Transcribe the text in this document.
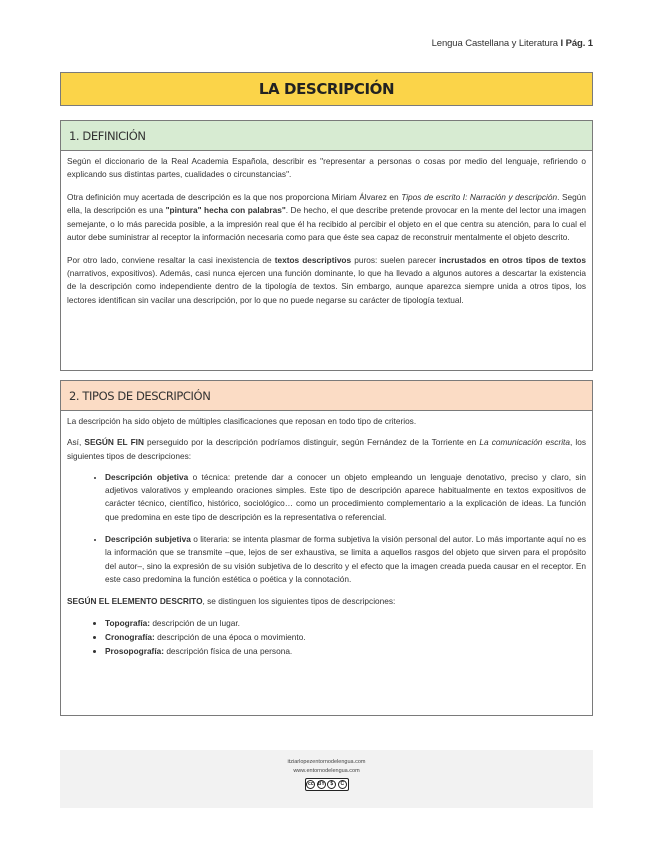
Lengua Castellana y Literatura I Pág. 1
LA DESCRIPCIÓN
1. DEFINICIÓN

Según el diccionario de la Real Academia Española, describir es "representar a personas o cosas por medio del lenguaje, refiriendo o explicando sus distintas partes, cualidades o circunstancias".

Otra definición muy acertada de descripción es la que nos proporciona Miriam Álvarez en Tipos de escrito I: Narración y descripción. Según ella, la descripción es una "pintura" hecha con palabras". De hecho, el que describe pretende provocar en la mente del lector una imagen semejante, o lo más parecida posible, a la impresión real que él ha recibido al percibir el objeto en el que centra su atención, para lo cual el autor debe suministrar al receptor la información necesaria como para que éste sea capaz de reconstruir mentalmente el objeto descrito.

Por otro lado, conviene resaltar la casi inexistencia de textos descriptivos puros: suelen parecer incrustados en otros tipos de textos (narrativos, expositivos). Además, casi nunca ejercen una función dominante, lo que ha llevado a algunos autores a descartar la existencia de la descripción como independiente dentro de la tipología de textos. Sin embargo, aunque aparezca siempre unida a otros tipos, los lectores identifican sin vacilar una descripción, por lo que no puede negarse su carácter de tipología textual.

2. TIPOS DE DESCRIPCIÓN

La descripción ha sido objeto de múltiples clasificaciones que reposan en todo tipo de criterios.

Así, SEGÚN EL FIN perseguido por la descripción podríamos distinguir, según Fernández de la Torriente en La comunicación escrita, los siguientes tipos de descripciones:

• Descripción objetiva o técnica: pretende dar a conocer un objeto empleando un lenguaje denotativo, preciso y claro, sin adjetivos valorativos y empleando oraciones simples. Este tipo de descripción aparece habitualmente en textos expositivos de carácter técnico, científico, histórico, sociológico… como un procedimiento complementario a la explicación de ideas. La función que predomina en este tipo de descripción es la representativa o referencial.
• Descripción subjetiva o literaria: se intenta plasmar de forma subjetiva la visión personal del autor. Lo más importante aquí no es la información que se transmite –que, lejos de ser exhaustiva, se limita a aquellos rasgos del objeto que sirven para el propósito del autor–, sino la expresión de su visión subjetiva de lo descrito y el efecto que la imagen creada pueda causar en el receptor. En este caso predomina la función estética o poética y la connotación.

SEGÚN EL ELEMENTO DESCRITO, se distinguen los siguientes tipos de descripciones:

• Topografía: descripción de un lugar.
• Cronografía: descripción de una época o movimiento.
• Prosopografía: descripción física de una persona.
itziarlopezentornodelengua.com
www.entornodelengua.com
cc BY	$	C
